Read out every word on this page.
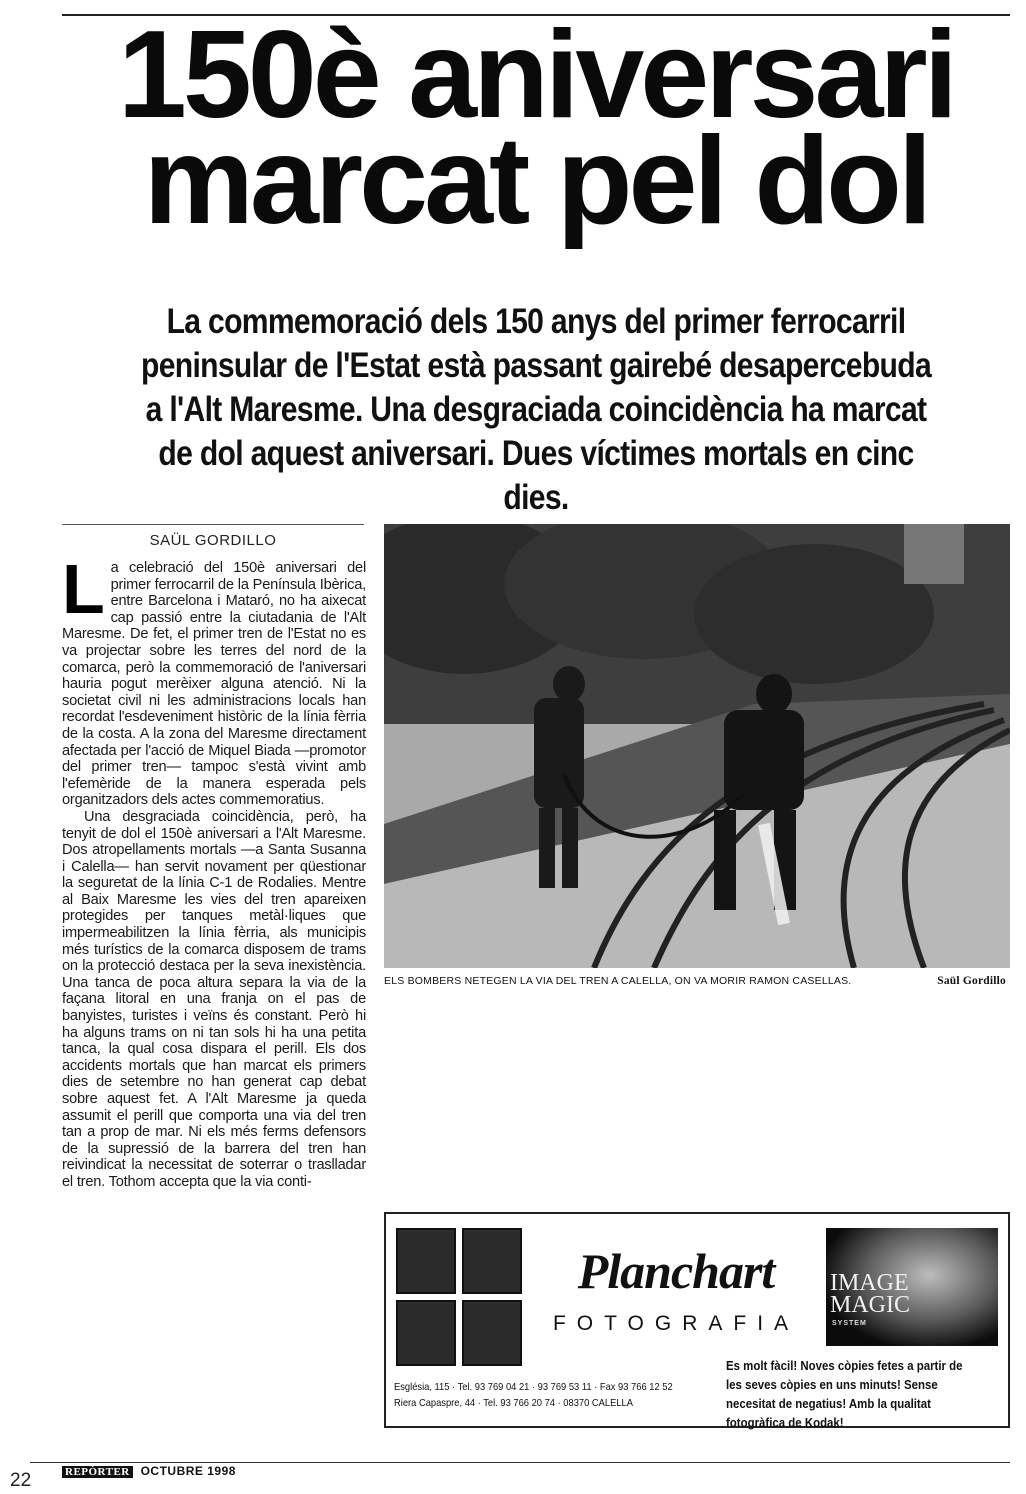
150è aniversari
marcat pel dol

La commemoració dels 150 anys del primer ferrocarril peninsular de l'Estat està passant gairebé desapercebuda a l'Alt Maresme. Una desgraciada coincidència ha marcat de dol aquest aniversari. Dues víctimes mortals en cinc dies.

SAÜL GORDILLO

La celebració del 150è aniversari del primer ferrocarril de la Península Ibèrica, entre Barcelona i Mataró, no ha aixecat cap passió entre la ciutadania de l'Alt Maresme. De fet, el primer tren de l'Estat no es va projectar sobre les terres del nord de la comarca, però la commemoració de l'aniversari hauria pogut merèixer alguna atenció. Ni la societat civil ni les administracions locals han recordat l'esdeveniment històric de la línia fèrria de la costa. A la zona del Maresme directament afectada per l'acció de Miquel Biada —promotor del primer tren— tampoc s'està vivint amb l'efemèride de la manera esperada pels organitzadors dels actes commemoratius.

Una desgraciada coincidència, però, ha tenyit de dol el 150è aniversari a l'Alt Maresme. Dos atropellaments mortals —a Santa Susanna i Calella— han servit novament per qüestionar la seguretat de la línia C-1 de Rodalies. Mentre al Baix Maresme les vies del tren apareixen protegides per tanques metàl·liques que impermeabilitzen la línia fèrria, als municipis més turístics de la comarca disposem de trams on la protecció destaca per la seva inexistència. Una tanca de poca altura separa la via de la façana litoral en una franja on el pas de banyistes, turistes i veïns és constant. Però hi ha alguns trams on ni tan sols hi ha una petita tanca, la qual cosa dispara el perill. Els dos accidents mortals que han marcat els primers dies de setembre no han generat cap debat sobre aquest fet. A l'Alt Maresme ja queda assumit el perill que comporta una via del tren tan a prop de mar. Ni els més ferms defensors de la supressió de la barrera del tren han reivindicat la necessitat de soterrar o traslladar el tren. Tothom accepta que la via conti-

ELS BOMBERS NETEGEN LA VIA DEL TREN A CALELLA, ON VA MORIR RAMON CASELLAS.	Saül Gordillo
Planchart
FOTOGRAFIA
IMAGE
MAGIC
SYSTEM
Església, 115 · Tel. 93 769 04 21 · 93 769 53 11 · Fax 93 766 12 52
Riera Capaspre, 44 · Tel. 93 766 20 74 · 08370 CALELLA
Es molt fàcil! Noves còpies fetes a partir de les seves còpies en uns minuts! Sense necesitat de negatius! Amb la qualitat fotogràfica de Kodak!
REPÒRTER OCTUBRE 1998
22
